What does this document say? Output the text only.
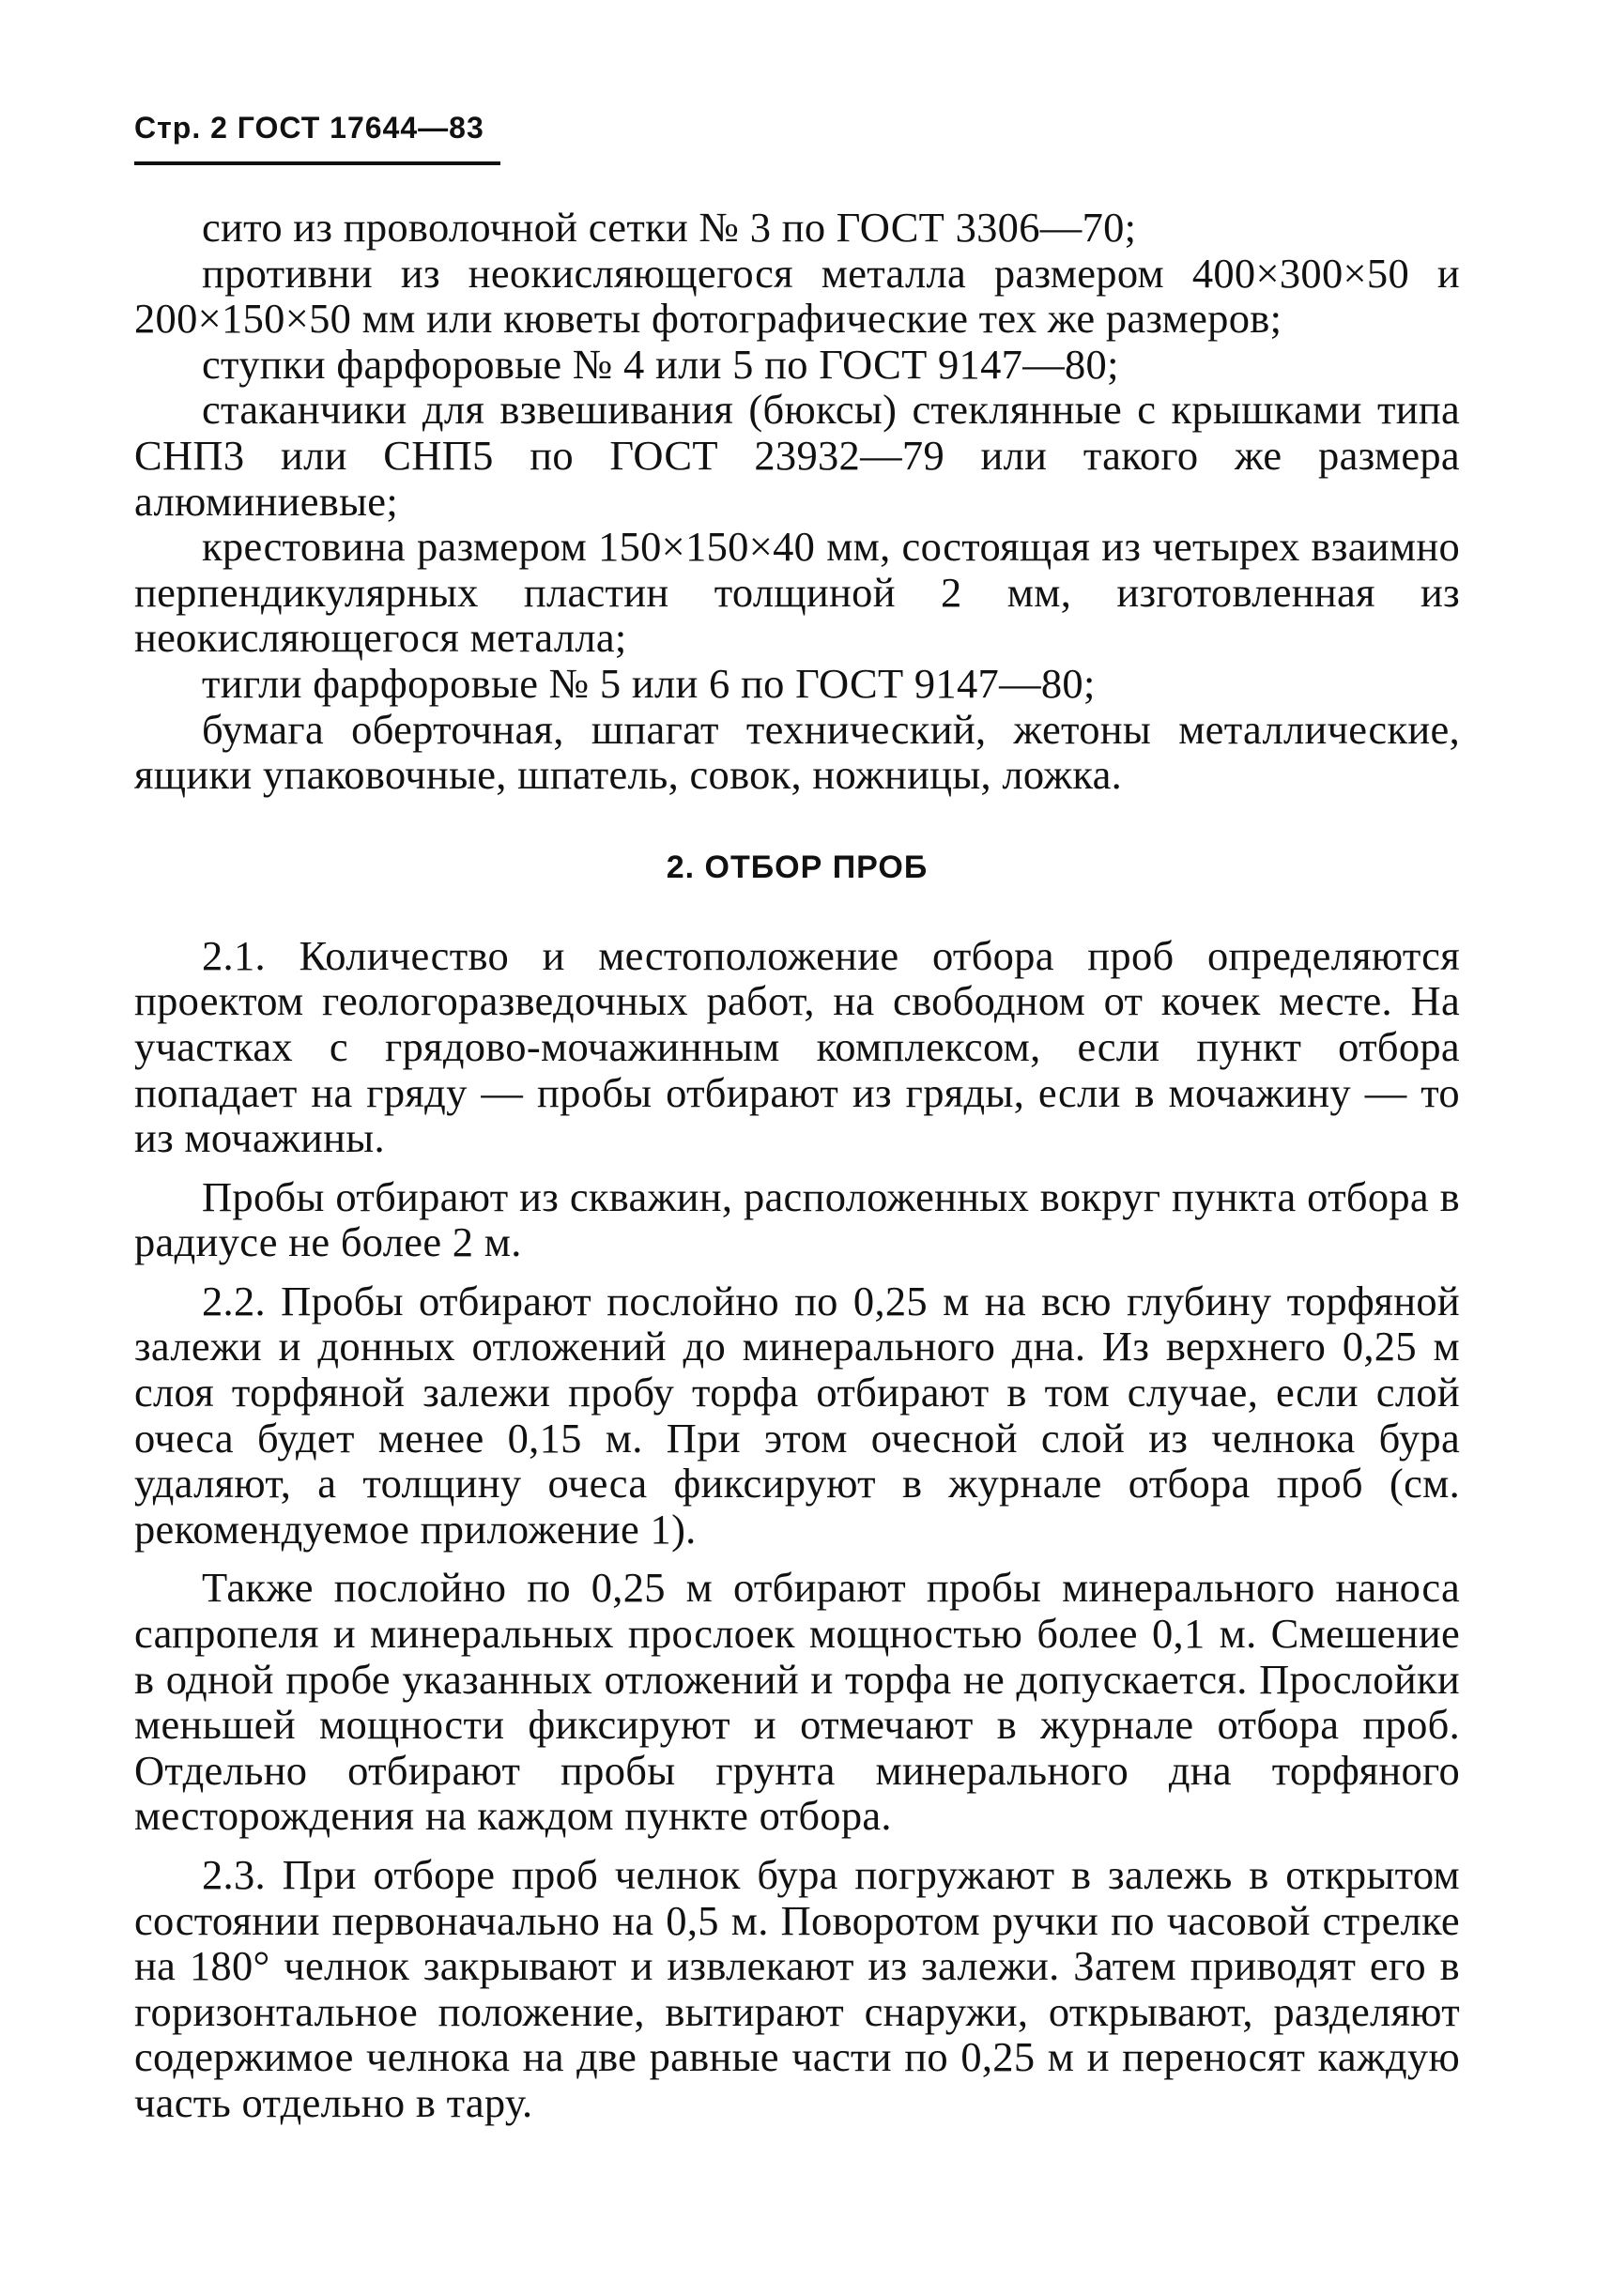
Стр. 2 ГОСТ 17644—83

сито из проволочной сетки № 3 по ГОСТ 3306—70;

противни из неокисляющегося металла размером 400×300×50 и 200×150×50 мм или кюветы фотографические тех же размеров;

ступки фарфоровые № 4 или 5 по ГОСТ 9147—80;

стаканчики для взвешивания (бюксы) стеклянные с крышками типа СНП3 или СНП5 по ГОСТ 23932—79 или такого же размера алюминиевые;

крестовина размером 150×150×40 мм, состоящая из четырех взаимно перпендикулярных пластин толщиной 2 мм, изготовленная из неокисляющегося металла;

тигли фарфоровые № 5 или 6 по ГОСТ 9147—80;

бумага оберточная, шпагат технический, жетоны металлические, ящики упаковочные, шпатель, совок, ножницы, ложка.

2. ОТБОР ПРОБ

2.1. Количество и местоположение отбора проб определяются проектом геологоразведочных работ, на свободном от кочек месте. На участках с грядово-мочажинным комплексом, если пункт отбора попадает на гряду — пробы отбирают из гряды, если в мочажину — то из мочажины.

Пробы отбирают из скважин, расположенных вокруг пункта отбора в радиусе не более 2 м.

2.2. Пробы отбирают послойно по 0,25 м на всю глубину торфяной залежи и донных отложений до минерального дна. Из верхнего 0,25 м слоя торфяной залежи пробу торфа отбирают в том случае, если слой очеса будет менее 0,15 м. При этом очесной слой из челнока бура удаляют, а толщину очеса фиксируют в журнале отбора проб (см. рекомендуемое приложение 1).

Также послойно по 0,25 м отбирают пробы минерального наноса сапропеля и минеральных прослоек мощностью более 0,1 м. Смешение в одной пробе указанных отложений и торфа не допускается. Прослойки меньшей мощности фиксируют и отмечают в журнале отбора проб. Отдельно отбирают пробы грунта минерального дна торфяного месторождения на каждом пункте отбора.

2.3. При отборе проб челнок бура погружают в залежь в открытом состоянии первоначально на 0,5 м. Поворотом ручки по часовой стрелке на 180° челнок закрывают и извлекают из залежи. Затем приводят его в горизонтальное положение, вытирают снаружи, открывают, разделяют содержимое челнока на две равные части по 0,25 м и переносят каждую часть отдельно в тару.
